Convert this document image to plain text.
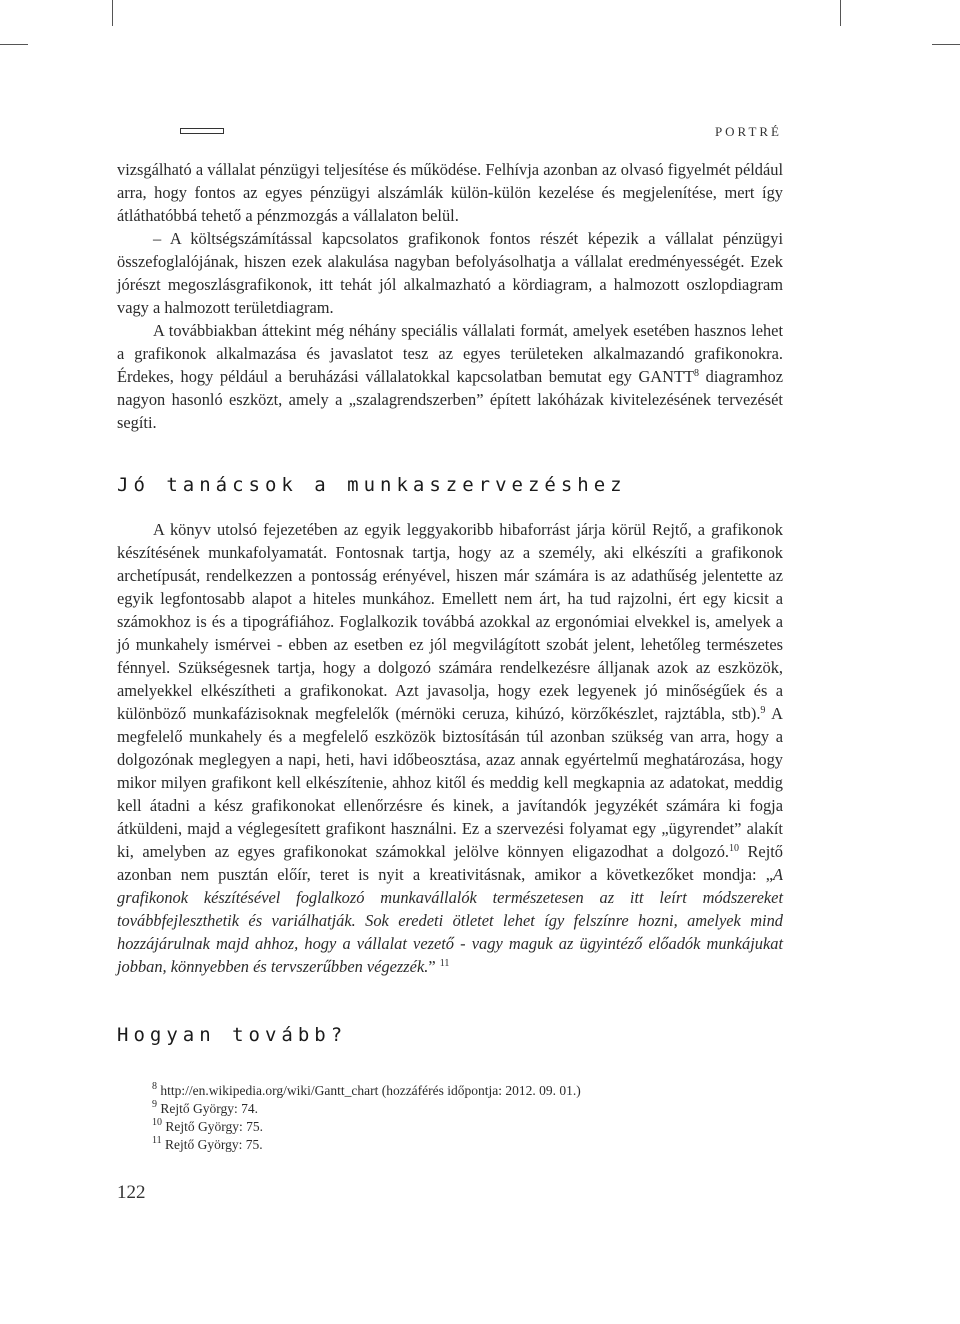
PORTRÉ

vizsgálható a vállalat pénzügyi teljesítése és működése. Felhívja azonban az olvasó figyelmét például arra, hogy fontos az egyes pénzügyi alszámlák külön-külön kezelése és megjelenítése, mert így átláthatóbbá tehető a pénzmozgás a vállalaton belül.

– A költségszámítással kapcsolatos grafikonok fontos részét képezik a vállalat pénzügyi összefoglalójának, hiszen ezek alakulása nagyban befolyásolhatja a vállalat eredményességét. Ezek jórészt megoszlásgrafikonok, itt tehát jól alkalmazható a kördiagram, a halmozott oszlopdiagram vagy a halmozott területdiagram.

A továbbiakban áttekint még néhány speciális vállalati formát, amelyek esetében hasznos lehet a grafikonok alkalmazása és javaslatot tesz az egyes területeken alkalmazandó grafikonokra. Érdekes, hogy például a beruházási vállalatokkal kapcsolatban bemutat egy GANTT$^8$ diagramhoz nagyon hasonló eszközt, amely a „szalagrendszerben” épített lakóházak kivitelezésének tervezését segíti.

Jó tanácsok a munkaszervezéshez

A könyv utolsó fejezetében az egyik leggyakoribb hibaforrást járja körül Rejtő, a grafikonok készítésének munkafolyamatát. Fontosnak tartja, hogy az a személy, aki elkészíti a grafikonok archetípusát, rendelkezzen a pontosság erényével, hiszen már számára is az adathűség jelentette az egyik legfontosabb alapot a hiteles munkához. Emellett nem árt, ha tud rajzolni, ért egy kicsit a számokhoz is és a tipográfiához. Foglalkozik továbbá azokkal az ergonómiai elvekkel is, amelyek a jó munkahely ismérvei - ebben az esetben ez jól megvilágított szobát jelent, lehetőleg természetes fénnyel. Szükségesnek tartja, hogy a dolgozó számára rendelkezésre álljanak azok az eszközök, amelyekkel elkészítheti a grafikonokat. Azt javasolja, hogy ezek legyenek jó minőségűek és a különböző munkafázisoknak megfelelők (mérnöki ceruza, kihúzó, körzőkészlet, rajztábla, stb).$^9$ A megfelelő munkahely és a megfelelő eszközök biztosításán túl azonban szükség van arra, hogy a dolgozónak meglegyen a napi, heti, havi időbeosztása, azaz annak egyértelmű meghatározása, hogy mikor milyen grafikont kell elkészítenie, ahhoz kitől és meddig kell megkapnia az adatokat, meddig kell átadni a kész grafikonokat ellenőrzésre és kinek, a javítandók jegyzékét számára ki fogja átküldeni, majd a véglegesített grafikont használni. Ez a szervezési folyamat egy „ügyrendet” alakít ki, amelyben az egyes grafikonokat számokkal jelölve könnyen eligazodhat a dolgozó.$^{10}$ Rejtő azonban nem pusztán előír, teret is nyit a kreativitásnak, amikor a következőket mondja: „A grafikonok készítésével foglalkozó munkavállalók természetesen az itt leírt módszereket továbbfejleszthetik és variálhatják. Sok eredeti ötletet lehet így felszínre hozni, amelyek mind hozzájárulnak majd ahhoz, hogy a vállalat vezető - vagy maguk az ügyintéző előadók munkájukat jobban, könnyebben és tervszerűbben végezzék.” $^{11}$

Hogyan tovább?
$^8$ http://en.wikipedia.org/wiki/Gantt_chart (hozzáférés időpontja: 2012. 09. 01.)
$^9$ Rejtő György: 74.
$^{10}$ Rejtő György: 75.
$^{11}$ Rejtő György: 75.
122
